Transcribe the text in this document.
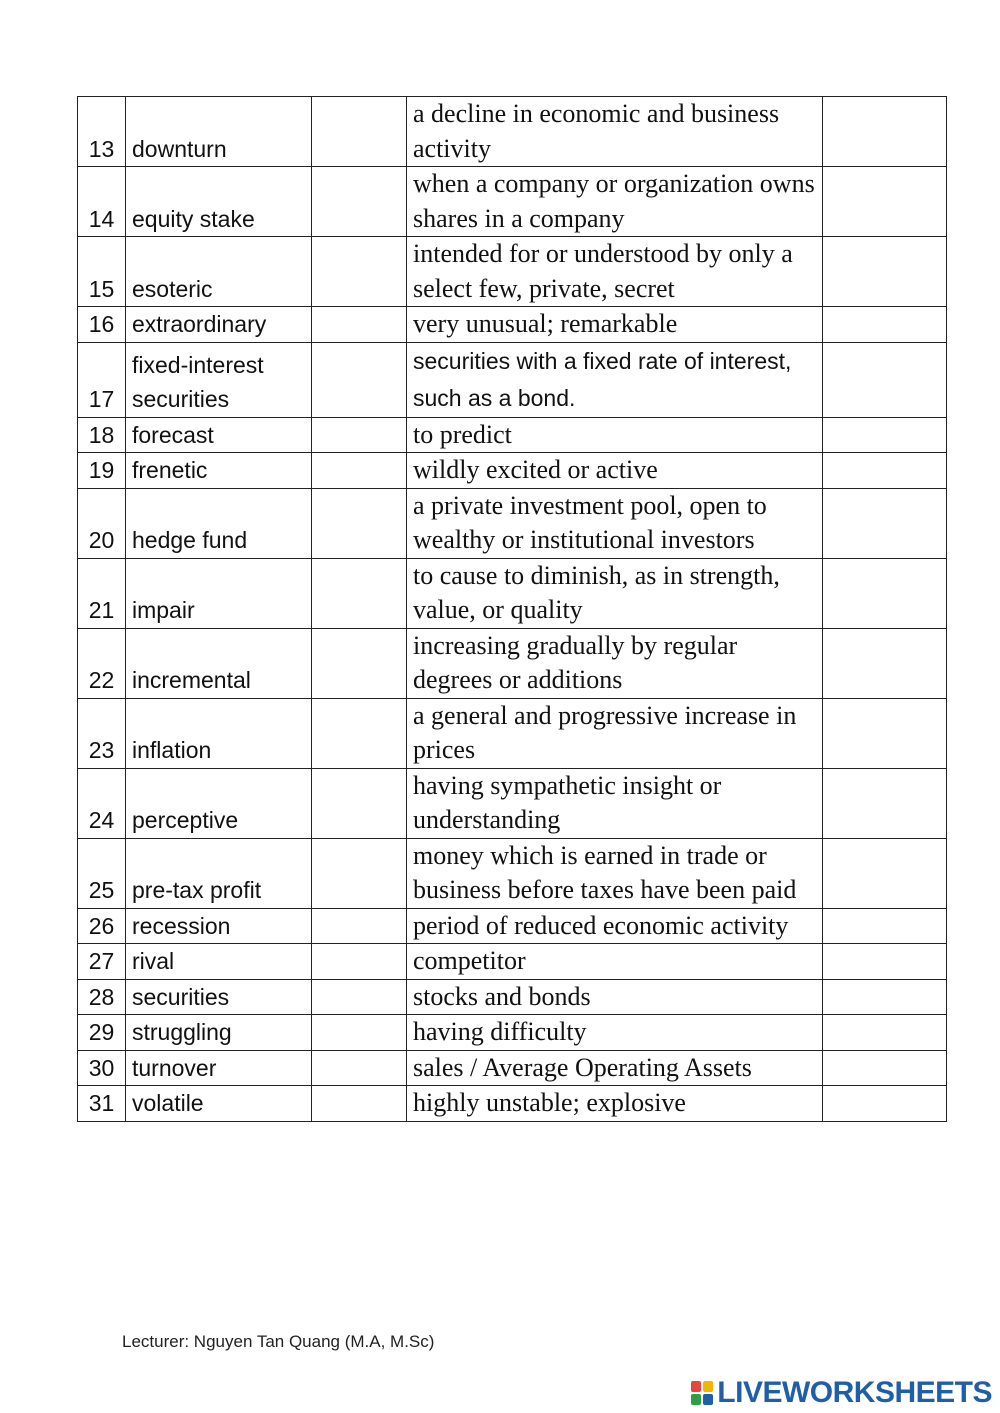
13	downturn		a decline in economic and business activity	
14	equity stake		when a company or organization owns shares in a company	
15	esoteric		intended for or understood by only a select few, private, secret	
16	extraordinary		very unusual; remarkable	
17	fixed-interest securities		securities with a fixed rate of interest, such as a bond.	
18	forecast		to predict	
19	frenetic		wildly excited or active	
20	hedge fund		a private investment pool, open to wealthy or institutional investors	
21	impair		to cause to diminish, as in strength, value, or quality	
22	incremental		increasing gradually by regular degrees or additions	
23	inflation		a general and progressive increase in prices	
24	perceptive		having sympathetic insight or understanding	
25	pre-tax profit		money which is earned in trade or business before taxes have been paid	
26	recession		period of reduced economic activity	
27	rival		competitor	
28	securities		stocks and bonds	
29	struggling		having difficulty	
30	turnover		sales / Average Operating Assets	
31	volatile		highly unstable; explosive	
Lecturer: Nguyen Tan Quang (M.A, M.Sc)
LIVEWORKSHEETS
